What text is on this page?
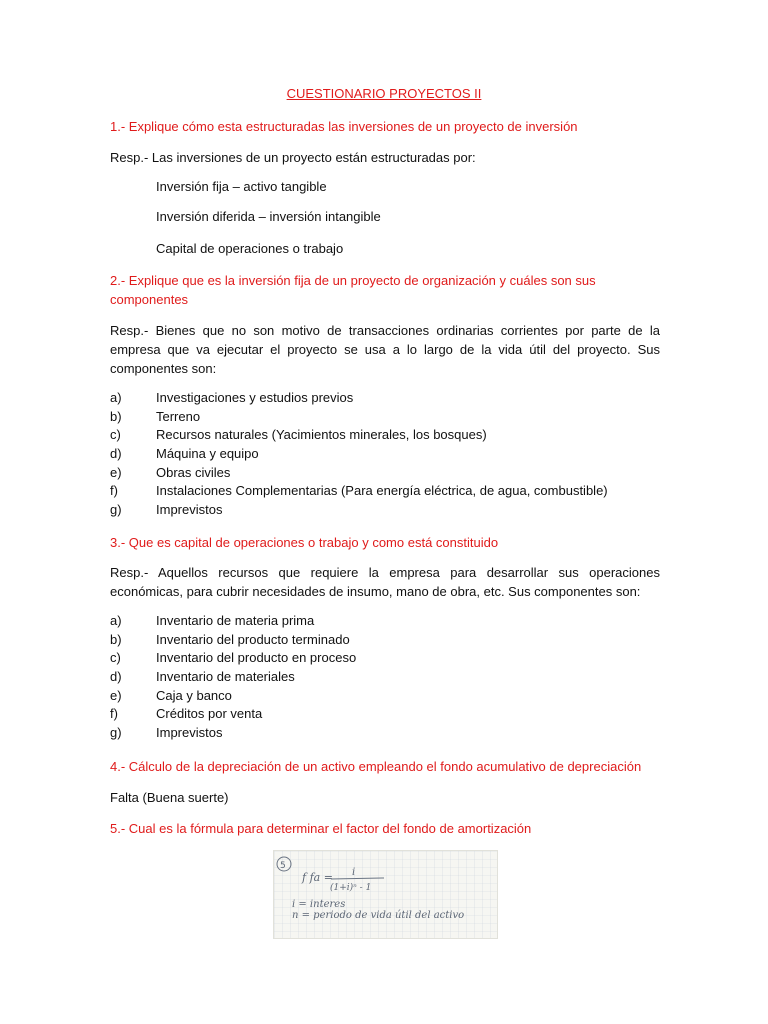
CUESTIONARIO PROYECTOS II
1.- Explique cómo esta estructuradas las inversiones de un proyecto de inversión
Resp.- Las inversiones de un proyecto están estructuradas por:
Inversión fija – activo tangible
Inversión diferida – inversión intangible
Capital de operaciones o trabajo
2.- Explique que es la inversión fija de un proyecto de organización y cuáles son sus
componentes
Resp.- Bienes que no son motivo de transacciones ordinarias corrientes por parte de la
empresa que va ejecutar el proyecto se usa a lo largo de la vida útil del proyecto. Sus
componentes son:
a)	Investigaciones y estudios previos
b)	Terreno
c)	Recursos naturales (Yacimientos minerales, los bosques)
d)	Máquina y equipo
e)	Obras civiles
f)	Instalaciones Complementarias (Para energía eléctrica, de agua, combustible)
g)	Imprevistos
3.- Que es capital de operaciones o trabajo y como está constituido
Resp.- Aquellos recursos que requiere la empresa para desarrollar sus operaciones
económicas, para cubrir necesidades de insumo, mano de obra, etc. Sus componentes son:
a)	Inventario de materia prima
b)	Inventario del producto terminado
c)	Inventario del producto en proceso
d)	Inventario de materiales
e)	Caja y banco
f)	Créditos por venta
g)	Imprevistos
4.- Cálculo de la depreciación de un activo empleando el fondo acumulativo de depreciación
Falta (Buena suerte)
5.- Cual es la fórmula para determinar el factor del fondo de amortización
5
f fa = i
(1+i)ⁿ - 1
i = interes
n = periodo de vida útil del activo
